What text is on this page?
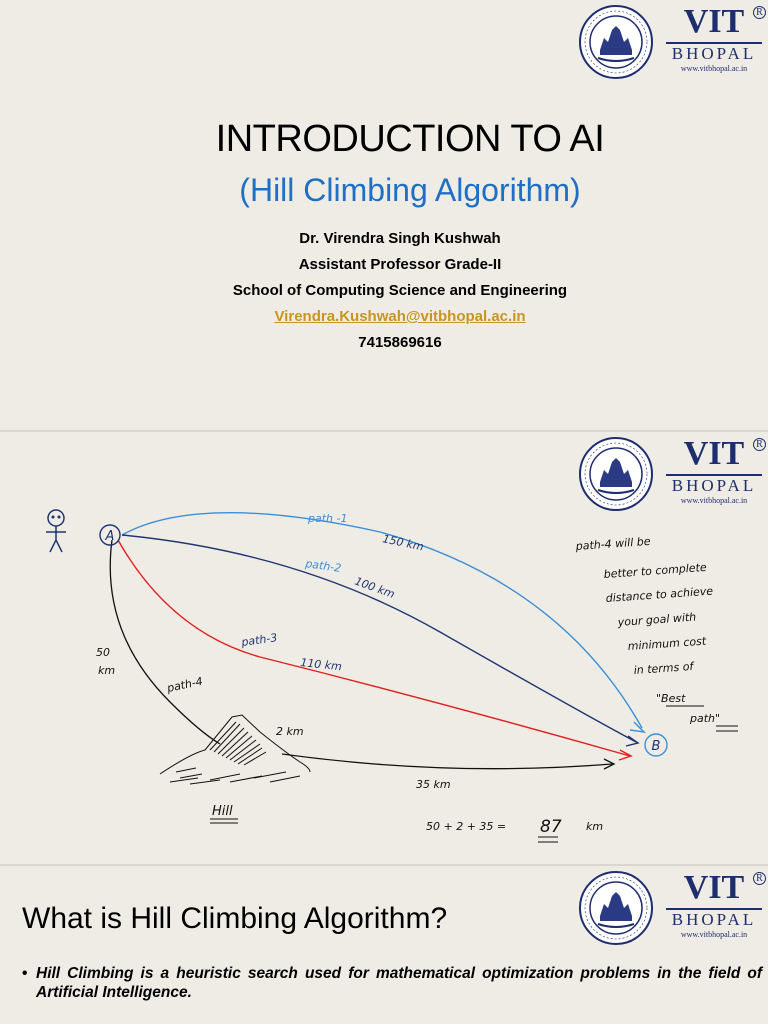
VIT	R
BHOPAL
www.vitbhopal.ac.in
INTRODUCTION TO AI
(Hill Climbing Algorithm)
Dr. Virendra Singh Kushwah
Assistant Professor Grade-II
School of Computing Science and Engineering
Virendra.Kushwah@vitbhopal.ac.in
7415869616
VIT	R
BHOPAL
www.vitbhopal.ac.in
A
B
Hill
path -1
150 km
path-2
100 km
path-3
110 km
path-4
50
km
2 km
35 km
50 + 2 + 35 = 87 km
path-4 will be
better to complete
distance to achieve
your goal with
minimum cost
in terms of
"Best
path"
VIT	R
BHOPAL
www.vitbhopal.ac.in
What is Hill Climbing Algorithm?
• Hill Climbing is a heuristic search used for mathematical optimization problems in the field of Artificial Intelligence.
